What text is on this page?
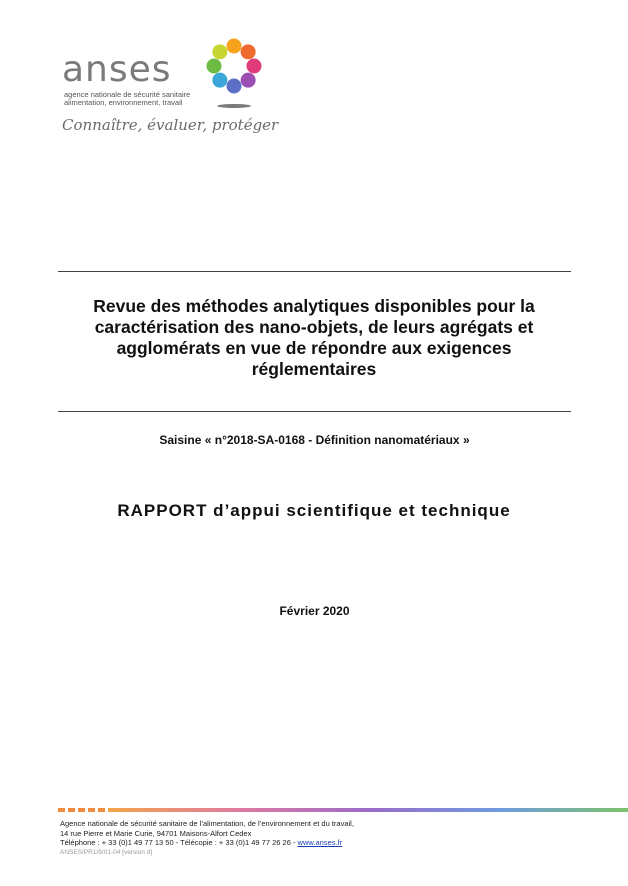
anses
agence nationale de sécurité sanitaire
alimentation, environnement, travail
Connaître, évaluer, protéger
Revue des méthodes analytiques disponibles pour la
caractérisation des nano-objets, de leurs agrégats et
agglomérats en vue de répondre aux exigences
réglementaires
Saisine « n°2018-SA-0168 - Définition nanomatériaux »
RAPPORT d’appui scientifique et technique
Février 2020
Agence nationale de sécurité sanitaire de l’alimentation, de l’environnement et du travail,
14 rue Pierre et Marie Curie, 94701 Maisons-Alfort Cedex
Téléphone : + 33 (0)1 49 77 13 50 - Télécopie : + 33 (0)1 49 77 26 26 - www.anses.fr
ANSES/PR1/9/01-04 [version d]
